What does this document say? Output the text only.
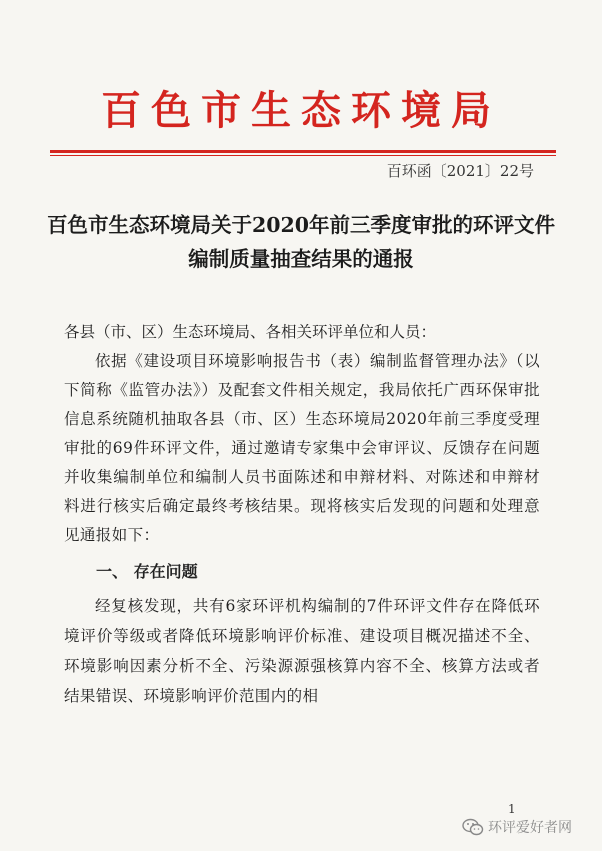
百色市生态环境局
百环函〔2021〕22号
百色市生态环境局关于2020年前三季度审批的环评文件编制质量抽查结果的通报

各县（市、区）生态环境局、各相关环评单位和人员：

依据《建设项目环境影响报告书（表）编制监督管理办法》（以下简称《监管办法》）及配套文件相关规定，我局依托广西环保审批信息系统随机抽取各县（市、区）生态环境局2020年前三季度受理审批的69件环评文件，通过邀请专家集中会审评议、反馈存在问题并收集编制单位和编制人员书面陈述和申辩材料、对陈述和申辩材料进行核实后确定最终考核结果。现将核实后发现的问题和处理意见通报如下：

一、 存在问题

经复核发现，共有6家环评机构编制的7件环评文件存在降低环境评价等级或者降低环境影响评价标准、建设项目概况描述不全、环境影响因素分析不全、污染源源强核算内容不全、核算方法或者结果错误、环境影响评价范围内的相

1
环评爱好者网
